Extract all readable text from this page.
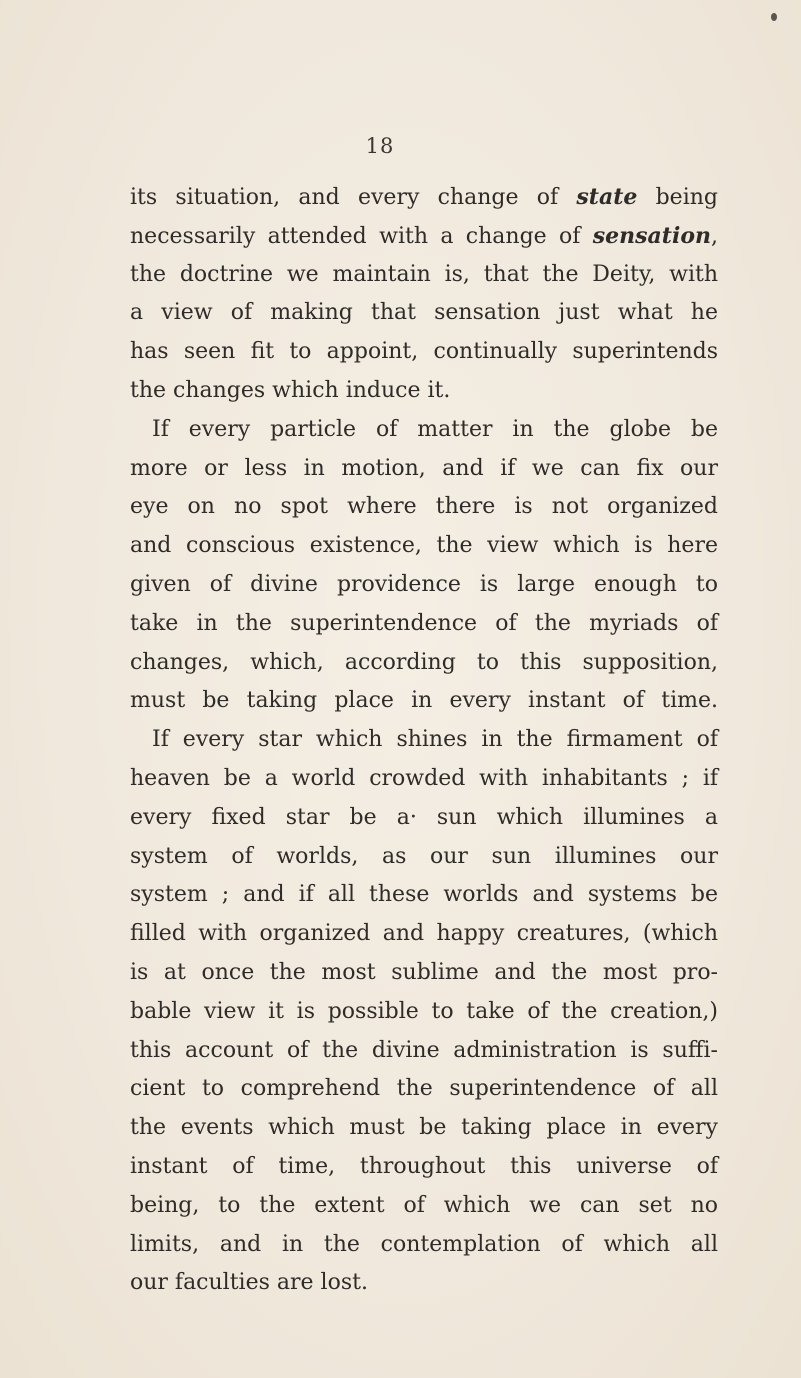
18
its situation, and every change of state being
necessarily attended with a change of sensation,
the doctrine we maintain is, that the Deity, with
a view of making that sensation just what he
has seen fit to appoint, continually superintends
the changes which induce it.
If every particle of matter in the globe be
more or less in motion, and if we can fix our
eye on no spot where there is not organized
and conscious existence, the view which is here
given of divine providence is large enough to
take in the superintendence of the myriads of
changes, which, according to this supposition,
must be taking place in every instant of time.
If every star which shines in the firmament of
heaven be a world crowded with inhabitants ; if
every fixed star be a· sun which illumines a
system of worlds, as our sun illumines our
system ; and if all these worlds and systems be
filled with organized and happy creatures, (which
is at once the most sublime and the most pro-
bable view it is possible to take of the creation,)
this account of the divine administration is suffi-
cient to comprehend the superintendence of all
the events which must be taking place in every
instant of time, throughout this universe of
being, to the extent of which we can set no
limits, and in the contemplation of which all
our faculties are lost.
